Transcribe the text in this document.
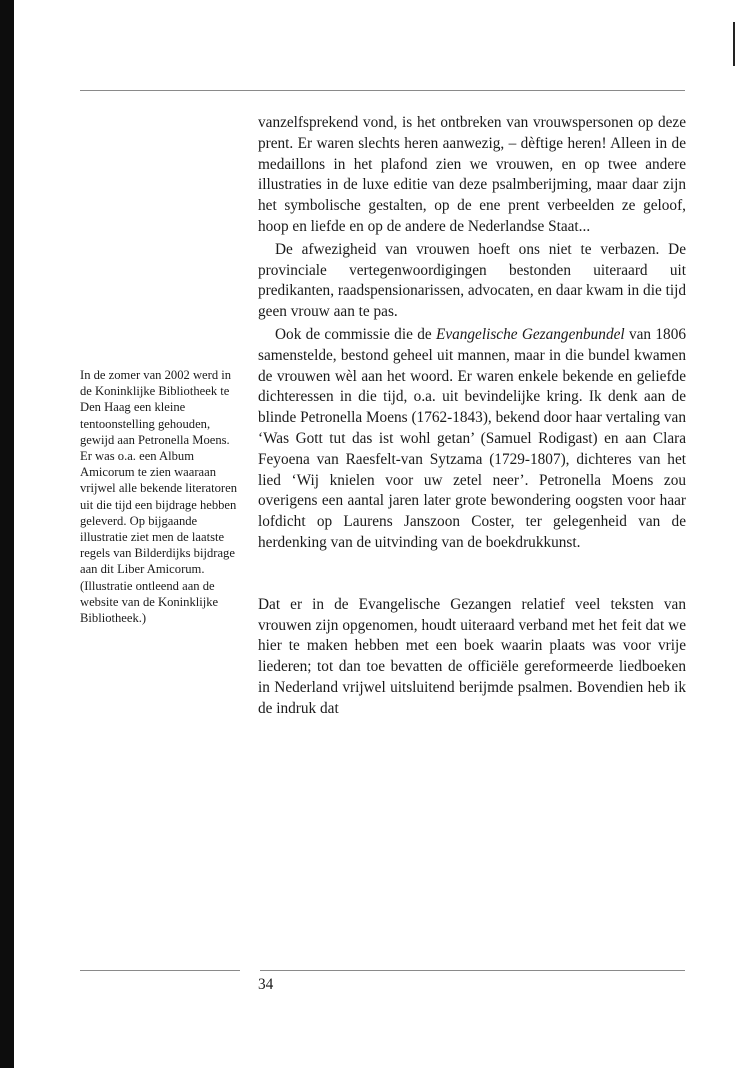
vanzelfsprekend vond, is het ontbreken van vrouwspersonen op deze prent. Er waren slechts heren aanwezig, – dèftige heren! Alleen in de medaillons in het plafond zien we vrouwen, en op twee andere illustraties in de luxe editie van deze psalmberijming, maar daar zijn het symbolische gestalten, op de ene prent verbeelden ze geloof, hoop en liefde en op de andere de Nederlandse Staat...

De afwezigheid van vrouwen hoeft ons niet te verbazen. De provinciale vertegenwoordigingen bestonden uiteraard uit predikanten, raadspensionarissen, advocaten, en daar kwam in die tijd geen vrouw aan te pas.

Ook de commissie die de Evangelische Gezangenbundel van 1806 samenstelde, bestond geheel uit mannen, maar in die bundel kwamen de vrouwen wèl aan het woord. Er waren enkele bekende en geliefde dichteressen in die tijd, o.a. uit bevindelijke kring. Ik denk aan de blinde Petronella Moens (1762-1843), bekend door haar vertaling van ‘Was Gott tut das ist wohl getan’ (Samuel Rodigast) en aan Clara Feyoena van Raesfelt-van Sytzama (1729-1807), dichteres van het lied ‘Wij knielen voor uw zetel neer’. Petronella Moens zou overigens een aantal jaren later grote bewondering oogsten voor haar lofdicht op Laurens Janszoon Coster, ter gelegenheid van de herdenking van de uitvinding van de boekdrukkunst.

Dat er in de Evangelische Gezangen relatief veel teksten van vrouwen zijn opgenomen, houdt uiteraard verband met het feit dat we hier te maken hebben met een boek waarin plaats was voor vrije liederen; tot dan toe bevatten de officiële gereformeerde liedboeken in Nederland vrijwel uitsluitend berijmde psalmen. Bovendien heb ik de indruk dat

In de zomer van 2002 werd in de Koninklijke Bibliotheek te Den Haag een kleine tentoonstelling gehouden, gewijd aan Petronella Moens. Er was o.a. een Album Amicorum te zien waaraan vrijwel alle bekende literatoren uit die tijd een bijdrage hebben geleverd. Op bijgaande illustratie ziet men de laatste regels van Bilderdijks bijdrage aan dit Liber Amicorum. (Illustratie ontleend aan de website van de Koninklijke Bibliotheek.)
34
